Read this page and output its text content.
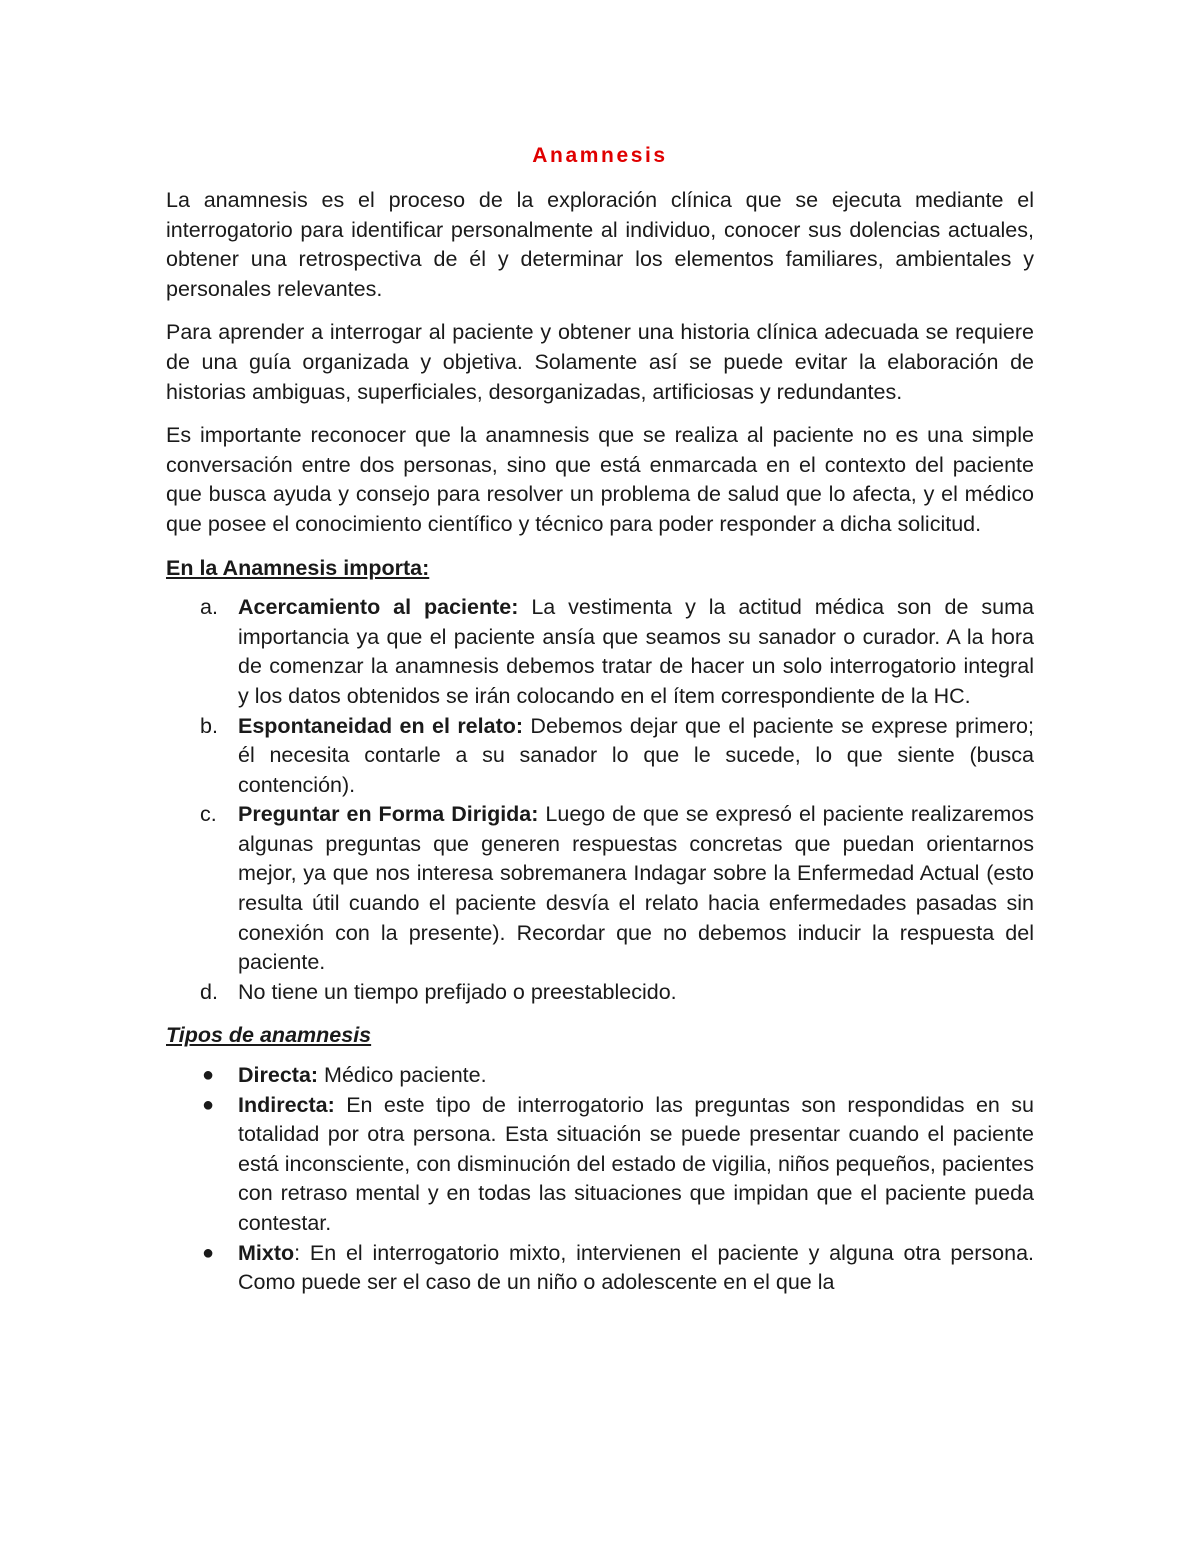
Anamnesis

La anamnesis es el proceso de la exploración clínica que se ejecuta mediante el interrogatorio para identificar personalmente al individuo, conocer sus dolencias actuales, obtener una retrospectiva de él y determinar los elementos familiares, ambientales y personales relevantes.

Para aprender a interrogar al paciente y obtener una historia clínica adecuada se requiere de una guía organizada y objetiva. Solamente así se puede evitar la elaboración de historias ambiguas, superficiales, desorganizadas, artificiosas y redundantes.

Es importante reconocer que la anamnesis que se realiza al paciente no es una simple conversación entre dos personas, sino que está enmarcada en el contexto del paciente que busca ayuda y consejo para resolver un problema de salud que lo afecta, y el médico que posee el conocimiento científico y técnico para poder responder a dicha solicitud.

En la Anamnesis importa:
a. Acercamiento al paciente: La vestimenta y la actitud médica son de suma importancia ya que el paciente ansía que seamos su sanador o curador. A la hora de comenzar la anamnesis debemos tratar de hacer un solo interrogatorio integral y los datos obtenidos se irán colocando en el ítem correspondiente de la HC.
b. Espontaneidad en el relato: Debemos dejar que el paciente se exprese primero; él necesita contarle a su sanador lo que le sucede, lo que siente (busca contención).
c. Preguntar en Forma Dirigida: Luego de que se expresó el paciente realizaremos algunas preguntas que generen respuestas concretas que puedan orientarnos mejor, ya que nos interesa sobremanera Indagar sobre la Enfermedad Actual (esto resulta útil cuando el paciente desvía el relato hacia enfermedades pasadas sin conexión con la presente). Recordar que no debemos inducir la respuesta del paciente.
d. No tiene un tiempo prefijado o preestablecido.
Tipos de anamnesis
● Directa: Médico paciente.
● Indirecta: En este tipo de interrogatorio las preguntas son respondidas en su totalidad por otra persona. Esta situación se puede presentar cuando el paciente está inconsciente, con disminución del estado de vigilia, niños pequeños, pacientes con retraso mental y en todas las situaciones que impidan que el paciente pueda contestar.
● Mixto: En el interrogatorio mixto, intervienen el paciente y alguna otra persona. Como puede ser el caso de un niño o adolescente en el que la
